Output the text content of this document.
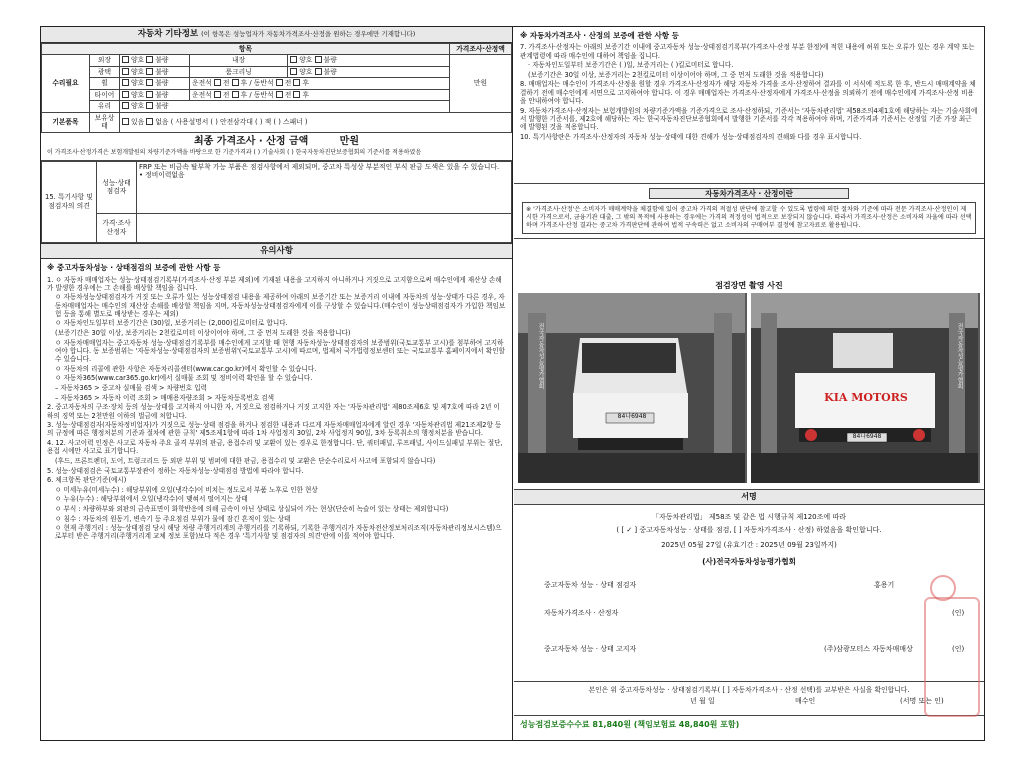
자동차 기타정보 (이 항목은 성능업자가 자동차가격조사·산정을 원하는 경우에만 기재합니다)
항목					가격조사·산정액
수리필요	외장	양호 불량	내장	양호 불량	만원
	광택	양호 불량	룸크리닝	양호 불량	
	휠	양호 불량	운전석 전 후 / 동반석 전 후		
	타이어	양호 불량	운전석 전 후 / 동반석 전 후		
	유리	양호 불량			
기본품목	보유상태	있음 없음 ( 사용설명서 ( ) 안전삼각대 ( ) 잭 ( ) 스패너 )			
최종 가격조사 · 산정 금액	만원
이 가격조사·산정가격은 보험개발원의 차량기준가액을 바탕으로 한 기준가격과 ( ) 기술사회 ( ) 한국자동차진단보증협회의 기준서를 적용하였음
15. 특기사항 및 점검자의 의견	성능·상태 점검자	FRP 또는 비금속 탈부착 가능 부품은 점검사항에서 제외되며, 중고차 특성상 부분적인 부식 판금 도색은 있을 수 있습니다.
• 정비이력없음

	가격·조사 산정자	
유의사항
※ 중고자동차성능 · 상태점검의 보증에 관한 사항 등
1. ㅇ 자동차 매매업자는 성능·상태점검기록부(가격조사·산정 부분 제외)에 기재된 내용을 고지하지 아니하거나 거짓으로 고지함으로써 매수인에게 재산상 손해가 발생한 경우에는 그 손해를 배상할 책임을 집니다.
ㅇ 자동차성능상태점검자가 거짓 또는 오류가 있는 성능상태점검 내용을 제공하여 아래의 보증기간 또는 보증거리 이내에 자동차의 성능·상태가 다른 경우, 자동차매매업자는 매수인의 재산상 손해를 배상할 책임을 지며, 자동차성능상태점검자에게 이를 구상할 수 있습니다.(매수인이 성능상태점검자가 가입한 책임보험 등을 통해 별도로 배상받는 경우는 제외)
ㅇ 자동차인도일부터 보증기간은 (30)일, 보증거리는 (2,000)킬로미터로 합니다.
(보증기간은 30일 이상, 보증거리는 2천킬로미터 이상이어야 하며, 그 중 먼저 도래한 것을 적용합니다)
ㅇ 자동차매매업자는 중고자동차 성능·상태점검기록부를 매수인에게 고지할 때 현행 자동차성능·상태점검자의 보증범위(국토교통부 고시)를 첨부하여 고지하여야 합니다. 동 보증범위는 '자동차성능·상태점검자의 보증범위'(국토교통부 고시)에 따르며, 법제처 국가법령정보센터 또는 국토교통부 홈페이지에서 확인할 수 있습니다.
ㅇ 자동차의 리콜에 관한 사항은 자동차리콜센터(www.car.go.kr)에서 확인할 수 있습니다.
ㅇ 자동차365(www.car365.go.kr)에서 실매물 조회 및 정비이력 확인을 할 수 있습니다.
– 자동차365 > 중고차 실매물 검색 > 차량번호 입력
– 자동차365 > 자동차 이력 조회 > 매매용자량조회 > 자동차등록번호 검색
2. 중고자동차의 구조·장치 등의 성능·상태를 고지하지 아니한 자, 거짓으로 점검하거나 거짓 고지한 자는 '자동차관리법' 제80조제6호 및 제7호에 따라 2년 이하의 징역 또는 2천만원 이하의 벌금에 처합니다.
3. 성능·상태점검자(자동차정비업자)가 거짓으로 성능·상태 점검을 하거나 점검한 내용과 다르게 자동차매매업자에게 알린 경우 '자동차관리법 제21조제2항 등의 규정에 따른 행정처분의 기준과 절차에 관한 규칙' 제5조제1항에 따라 1차 사업정지 30일, 2차 사업정지 90일, 3차 등록취소의 행정처분을 받습니다.
4. 12. 사고이력 인정은 사고로 자동차 주요 골격 부위의 판금, 용접수리 및 교환이 있는 경우로 한정합니다. 단, 쿼터패널, 루프패널, 사이드실패널 부위는 절단, 용접 시에만 사고로 표기합니다.
(후드, 프론트펜더, 도어, 트렁크리드 등 외판 부위 및 범퍼에 대한 판금, 용접수리 및 교환은 단순수리로서 사고에 포함되지 않습니다)
5. 성능·상태점검은 국토교통부장관이 정하는 자동차성능·상태점검 방법에 따라야 합니다.
6. 체크항목 판단기준(예시)
ㅇ 미세누유(미세누수) : 해당부위에 오일(냉각수)이 비치는 정도로서 부품 노후로 인한 현상
ㅇ 누유(누수) : 해당부위에서 오일(냉각수)이 맺혀서 떨어지는 상태
ㅇ 부식 : 차량하부와 외판의 금속표면이 화학반응에 의해 금속이 아닌 상태로 상실되어 가는 현상(단순히 녹슬어 있는 상태는 제외합니다)
ㅇ 침수 : 자동차의 원동기, 변속기 등 주요점검 부위가 물에 잠긴 흔적이 있는 상태
ㅇ 현재 주행거리 : 성능·상태점검 당시 해당 차량 주행거리계의 주행거리를 기록하되, 기록한 주행거리가 자동차전산정보처리조직(자동차관리정보시스템)으로부터 받은 주행거리(주행거리계 교체 정보 포함)보다 적은 경우 '특기사항 및 점검자의 의견'란에 이를 적어야 합니다.
※ 자동차가격조사 · 산정의 보증에 관한 사항 등
7. 가격조사·산정자는 아래의 보증기간 이내에 중고자동차 성능·상태점검기록부(가격조사·산정 부분 한정)에 적힌 내용에 허위 또는 오류가 있는 경우 계약 또는 관계법령에 따라 매수인에 대하여 책임을 집니다.
· 자동차인도일부터 보증기간은 ( )일, 보증거리는 ( )킬로미터로 합니다.
(보증기간은 30일 이상, 보증거리는 2천킬로미터 이상이어야 하며, 그 중 먼저 도래한 것을 적용합니다)
8. 매매업자는 매수인이 가격조사·산정을 원할 경우 가격조사·산정자가 해당 자동차 가격을 조사·산정하여 결과를 이 서식에 적도록 한 후, 반드시 매매계약을 체결하기 전에 매수인에게 서면으로 고지하여야 합니다. 이 경우 매매업자는 가격조사·산정자에게 가격조사·산정을 의뢰하기 전에 매수인에게 가격조사·산정 비용을 안내하여야 합니다.
9. 자동차가격조사·산정자는 보험개발원의 차량기준가액을 기준가격으로 조사·산정하되, 기준서는 '자동차관리법' 제58조의4제1호에 해당하는 자는 기술사회에서 발행한 기준서를, 제2호에 해당하는 자는 한국자동차진단보증협회에서 발행한 기준서를 각각 적용하여야 하며, 기준가격과 기준서는 산정일 기준 가장 최근에 발행된 것을 적용합니다.
10. 특기사항란은 가격조사·산정자의 자동차 성능·상태에 대한 견해가 성능·상태점검자의 견해와 다를 경우 표시합니다.
자동차가격조사 · 산정이란
※ '가격조사·산정'은 소비자가 매매계약을 체결함에 있어 중고차 가격의 적절성 판단에 참고할 수 있도록 법령에 의한 절차와 기준에 따라 전문 가격조사·산정인이 제시한 가격으로서, 금융기관 대출, 그 밖의 목적에 사용하는 경우에는 가격의 적정성이 법적으로 보장되지 않습니다. 따라서 가격조사·산정은 소비자의 자율에 따라 선택하며 가격조사·산정 결과는 중고차 가격판단에 관하여 법적 구속력은 없고 소비자의 구매여부 결정에 참고자료로 활용됩니다.
점검장면 촬영 사진
전국자동차성능평가협회
84나6948
KIA MOTORS
84나6948
전국자동차성능평가협회
서명
「자동차관리법」 제58조 및 같은 법 시행규칙 제120조에 따라
( [ ✓ ] 중고자동차성능 · 상태를 점검, [ ] 자동차가격조사 · 산정) 하였음을 확인합니다.
2025년 05월 27일 (유효기간 : 2025년 09월 23일까지)
(사)전국자동차성능평가협회
중고자동차 성능 · 상태 점검자	홍용기
자동차가격조사 · 산정자	(인)
중고자동차 성능 · 상태 고지자	(주)삼광모터스 자동차매매상	(인)
본인은 위 중고자동차성능 · 상태점검기록부( [ ] 자동차가격조사 · 산정 선택)를 교부받은 사실을 확인합니다.
년 월 일	매수인	(서명 또는 인)
성능점검보증수수료 81,840원 (책임보험료 48,840원 포함)
